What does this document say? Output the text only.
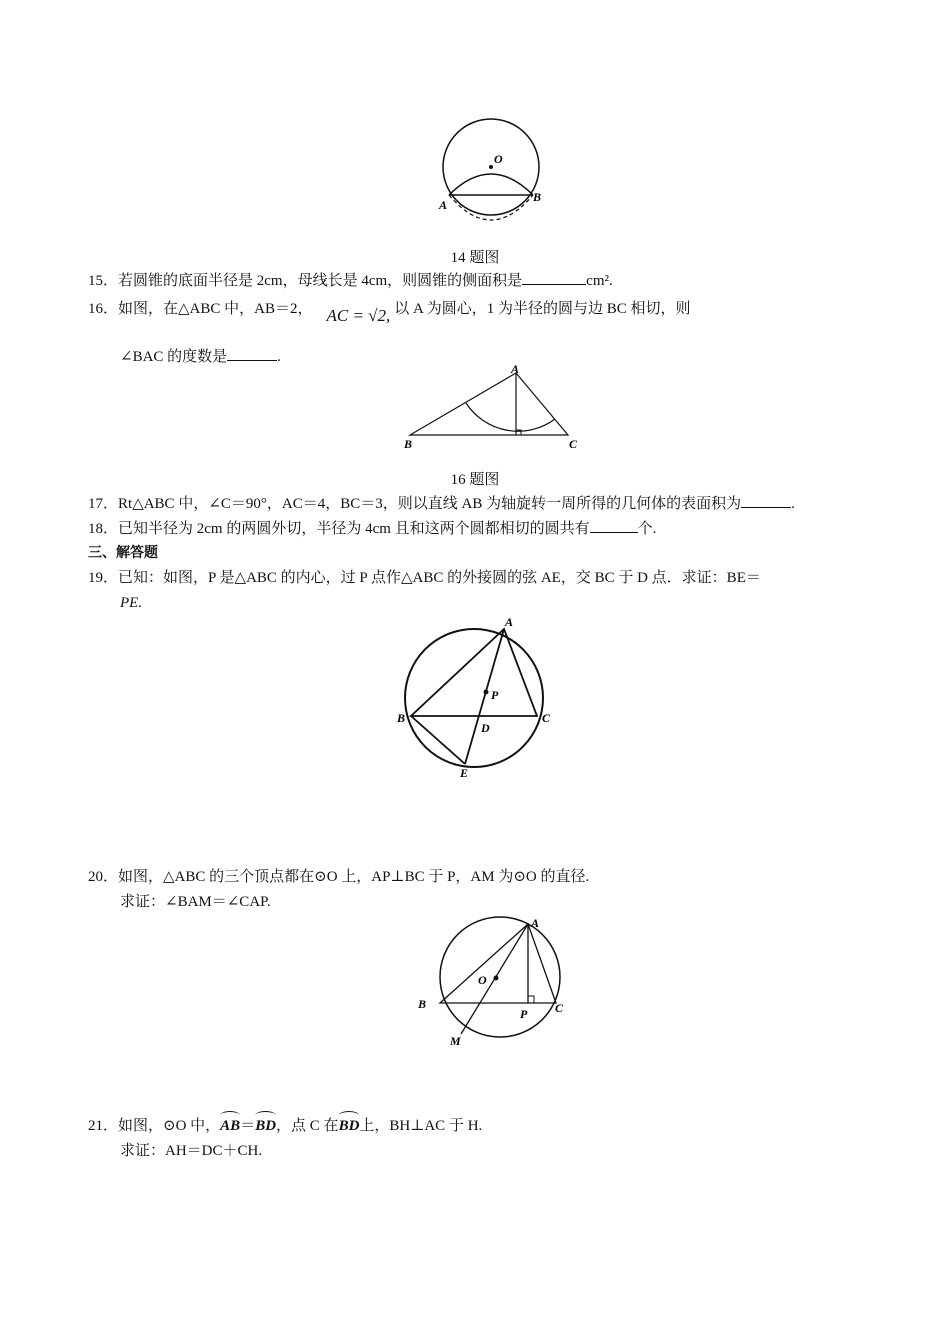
O
A
B
14 题图
15．若圆锥的底面半径是 2cm，母线长是 4cm，则圆锥的侧面积是	cm².
16．如图，在△ABC 中，AB＝2， AC = √2, 以 A 为圆心，1 为半径的圆与边 BC 相切，则
∠BAC 的度数是	.
A
B	C
16 题图
17．Rt△ABC 中，∠C＝90°，AC＝4，BC＝3，则以直线 AB 为轴旋转一周所得的几何体的表面积为	.
18．已知半径为 2cm 的两圆外切，半径为 4cm 且和这两个圆都相切的圆共有	个.
三、解答题
19．已知：如图，P 是△ABC 的内心，过 P 点作△ABC 的外接圆的弦 AE，交 BC 于 D 点．求证：BE＝
PE.
A
B	C
P
D
E
20．如图，△ABC 的三个顶点都在⊙O 上，AP⊥BC 于 P，AM 为⊙O 的直径.
求证：∠BAM＝∠CAP.
A
B	C
O
P
M
21．如图，⊙O 中，
AB＝
BD，点 C 在
BD上，BH⊥AC 于 H.
求证：AH＝DC＋CH.
